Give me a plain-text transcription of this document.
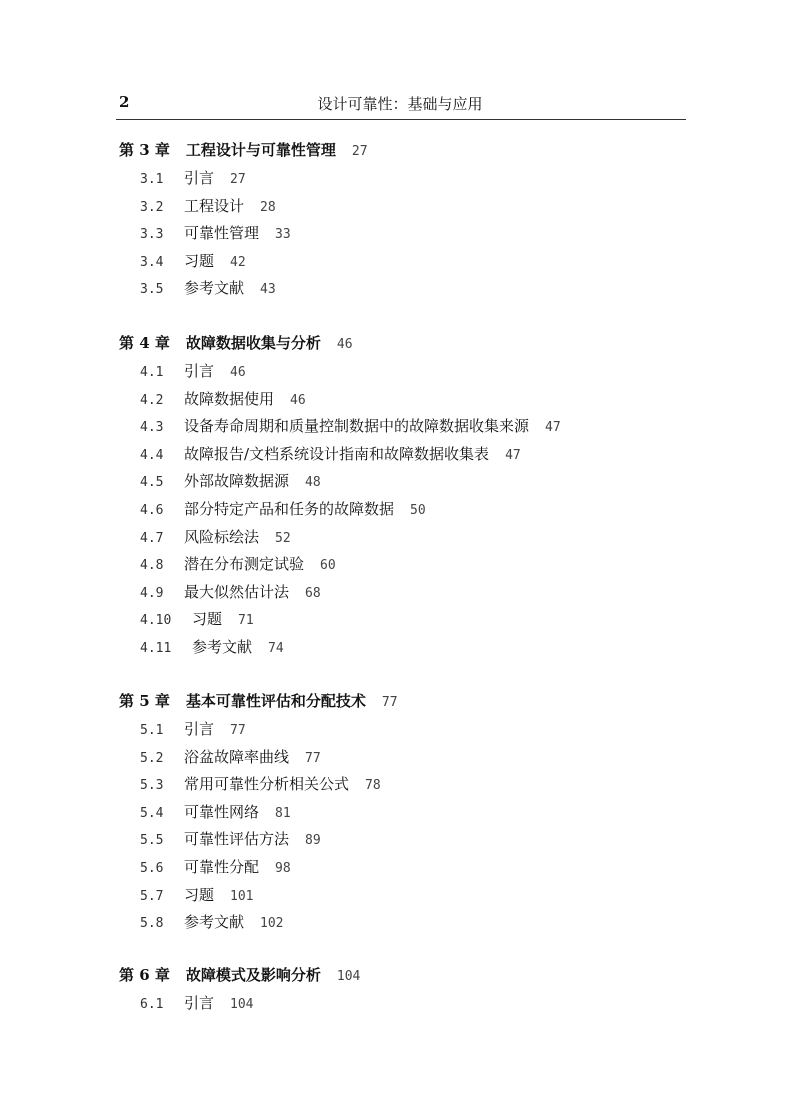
2	设计可靠性：基础与应用
第 3 章 工程设计与可靠性管理 27
3.1 引言 27
3.2 工程设计 28
3.3 可靠性管理 33
3.4 习题 42
3.5 参考文献 43
第 4 章 故障数据收集与分析 46
4.1 引言 46
4.2 故障数据使用 46
4.3 设备寿命周期和质量控制数据中的故障数据收集来源 47
4.4 故障报告/文档系统设计指南和故障数据收集表 47
4.5 外部故障数据源 48
4.6 部分特定产品和任务的故障数据 50
4.7 风险标绘法 52
4.8 潜在分布测定试验 60
4.9 最大似然估计法 68
4.10 习题 71
4.11 参考文献 74
第 5 章 基本可靠性评估和分配技术 77
5.1 引言 77
5.2 浴盆故障率曲线 77
5.3 常用可靠性分析相关公式 78
5.4 可靠性网络 81
5.5 可靠性评估方法 89
5.6 可靠性分配 98
5.7 习题 101
5.8 参考文献 102
第 6 章 故障模式及影响分析 104
6.1 引言 104
